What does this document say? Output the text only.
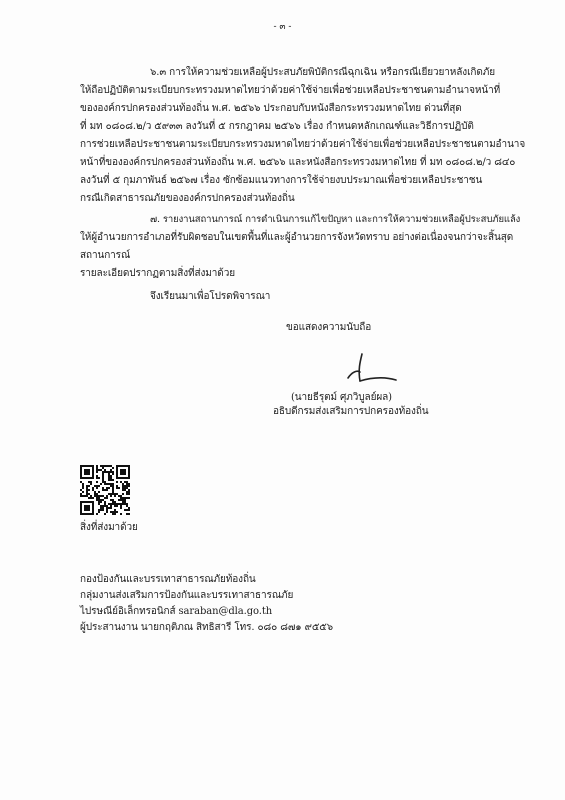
- ๓ -
๖.๓ การให้ความช่วยเหลือผู้ประสบภัยพิบัติกรณีฉุกเฉิน หรือกรณีเยียวยาหลังเกิดภัย
ให้ถือปฏิบัติตามระเบียบกระทรวงมหาดไทยว่าด้วยค่าใช้จ่ายเพื่อช่วยเหลือประชาชนตามอำนาจหน้าที่
ขององค์กรปกครองส่วนท้องถิ่น พ.ศ. ๒๕๖๖ ประกอบกับหนังสือกระทรวงมหาดไทย ด่วนที่สุด
ที่ มท ๐๘๐๘.๒/ว ๕๙๓๓ ลงวันที่ ๕ กรกฎาคม ๒๕๖๖ เรื่อง กำหนดหลักเกณฑ์และวิธีการปฏิบัติ
การช่วยเหลือประชาชนตามระเบียบกระทรวงมหาดไทยว่าด้วยค่าใช้จ่ายเพื่อช่วยเหลือประชาชนตามอำนาจ
หน้าที่ขององค์กรปกครองส่วนท้องถิ่น พ.ศ. ๒๕๖๖ และหนังสือกระทรวงมหาดไทย ที่ มท ๐๘๐๘.๒/ว ๘๔๐
ลงวันที่ ๕ กุมภาพันธ์ ๒๕๖๗ เรื่อง ซักซ้อมแนวทางการใช้จ่ายงบประมาณเพื่อช่วยเหลือประชาชน
กรณีเกิดสาธารณภัยขององค์กรปกครองส่วนท้องถิ่น
๗. รายงานสถานการณ์ การดำเนินการแก้ไขปัญหา และการให้ความช่วยเหลือผู้ประสบภัยแล้ง
ให้ผู้อำนวยการอำเภอที่รับผิดชอบในเขตพื้นที่และผู้อำนวยการจังหวัดทราบ อย่างต่อเนื่องจนกว่าจะสิ้นสุด
สถานการณ์
รายละเอียดปรากฏตามสิ่งที่ส่งมาด้วย
จึงเรียนมาเพื่อโปรดพิจารณา
ขอแสดงความนับถือ
(นายธีรุตม์ ศุภวิบูลย์ผล)
อธิบดีกรมส่งเสริมการปกครองท้องถิ่น
สิ่งที่ส่งมาด้วย
กองป้องกันและบรรเทาสาธารณภัยท้องถิ่น
กลุ่มงานส่งเสริมการป้องกันและบรรเทาสาธารณภัย
ไปรษณีย์อิเล็กทรอนิกส์ saraban@dla.go.th
ผู้ประสานงาน นายกฤติภณ สิทธิสารี โทร. ๐๘๐ ๘๗๑ ๙๕๕๖
